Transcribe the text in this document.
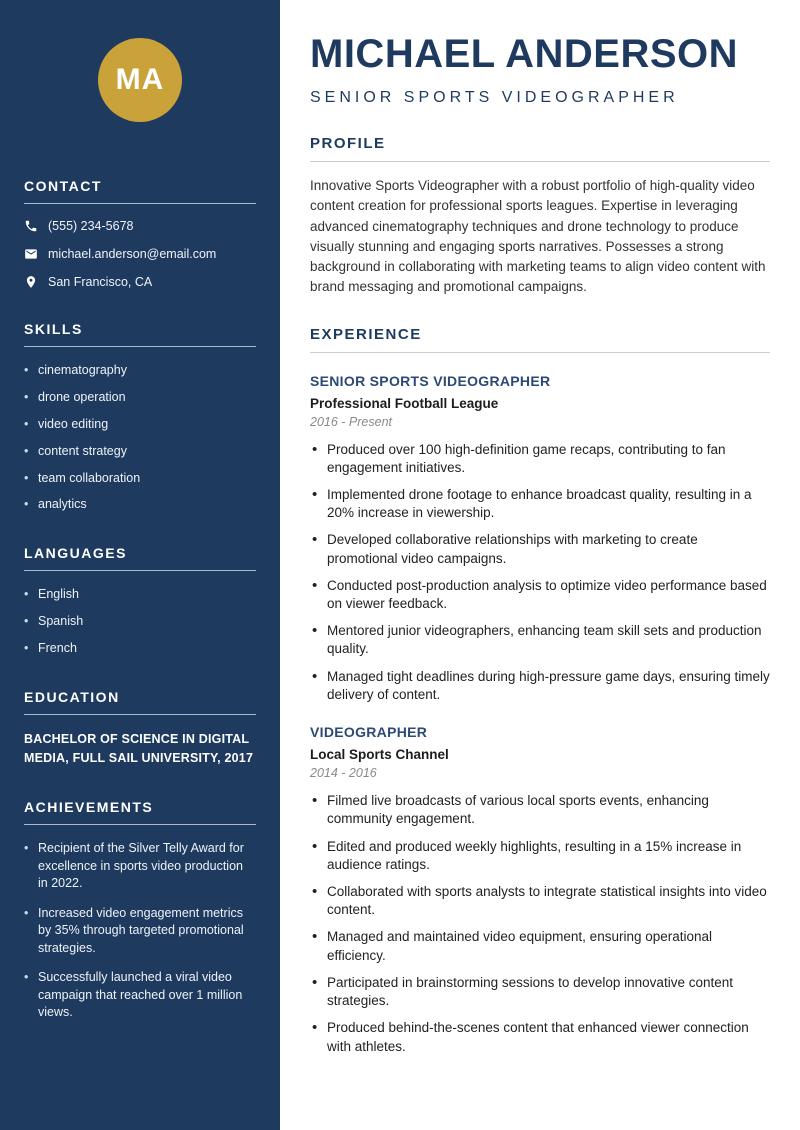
MA
CONTACT
(555) 234-5678
michael.anderson@email.com
San Francisco, CA
SKILLS
• cinematography
• drone operation
• video editing
• content strategy
• team collaboration
• analytics
LANGUAGES
• English
• Spanish
• French
EDUCATION

BACHELOR OF SCIENCE IN DIGITAL MEDIA, FULL SAIL UNIVERSITY, 2017

ACHIEVEMENTS
• Recipient of the Silver Telly Award for excellence in sports video production in 2022.
• Increased video engagement metrics by 35% through targeted promotional strategies.
• Successfully launched a viral video campaign that reached over 1 million views.
MICHAEL ANDERSON
SENIOR SPORTS VIDEOGRAPHER
PROFILE

Innovative Sports Videographer with a robust portfolio of high-quality video content creation for professional sports leagues. Expertise in leveraging advanced cinematography techniques and drone technology to produce visually stunning and engaging sports narratives. Possesses a strong background in collaborating with marketing teams to align video content with brand messaging and promotional campaigns.

EXPERIENCE
SENIOR SPORTS VIDEOGRAPHER
Professional Football League
2016 - Present
• Produced over 100 high-definition game recaps, contributing to fan engagement initiatives.
• Implemented drone footage to enhance broadcast quality, resulting in a 20% increase in viewership.
• Developed collaborative relationships with marketing to create promotional video campaigns.
• Conducted post-production analysis to optimize video performance based on viewer feedback.
• Mentored junior videographers, enhancing team skill sets and production quality.
• Managed tight deadlines during high-pressure game days, ensuring timely delivery of content.
VIDEOGRAPHER
Local Sports Channel
2014 - 2016
• Filmed live broadcasts of various local sports events, enhancing community engagement.
• Edited and produced weekly highlights, resulting in a 15% increase in audience ratings.
• Collaborated with sports analysts to integrate statistical insights into video content.
• Managed and maintained video equipment, ensuring operational efficiency.
• Participated in brainstorming sessions to develop innovative content strategies.
• Produced behind-the-scenes content that enhanced viewer connection with athletes.
